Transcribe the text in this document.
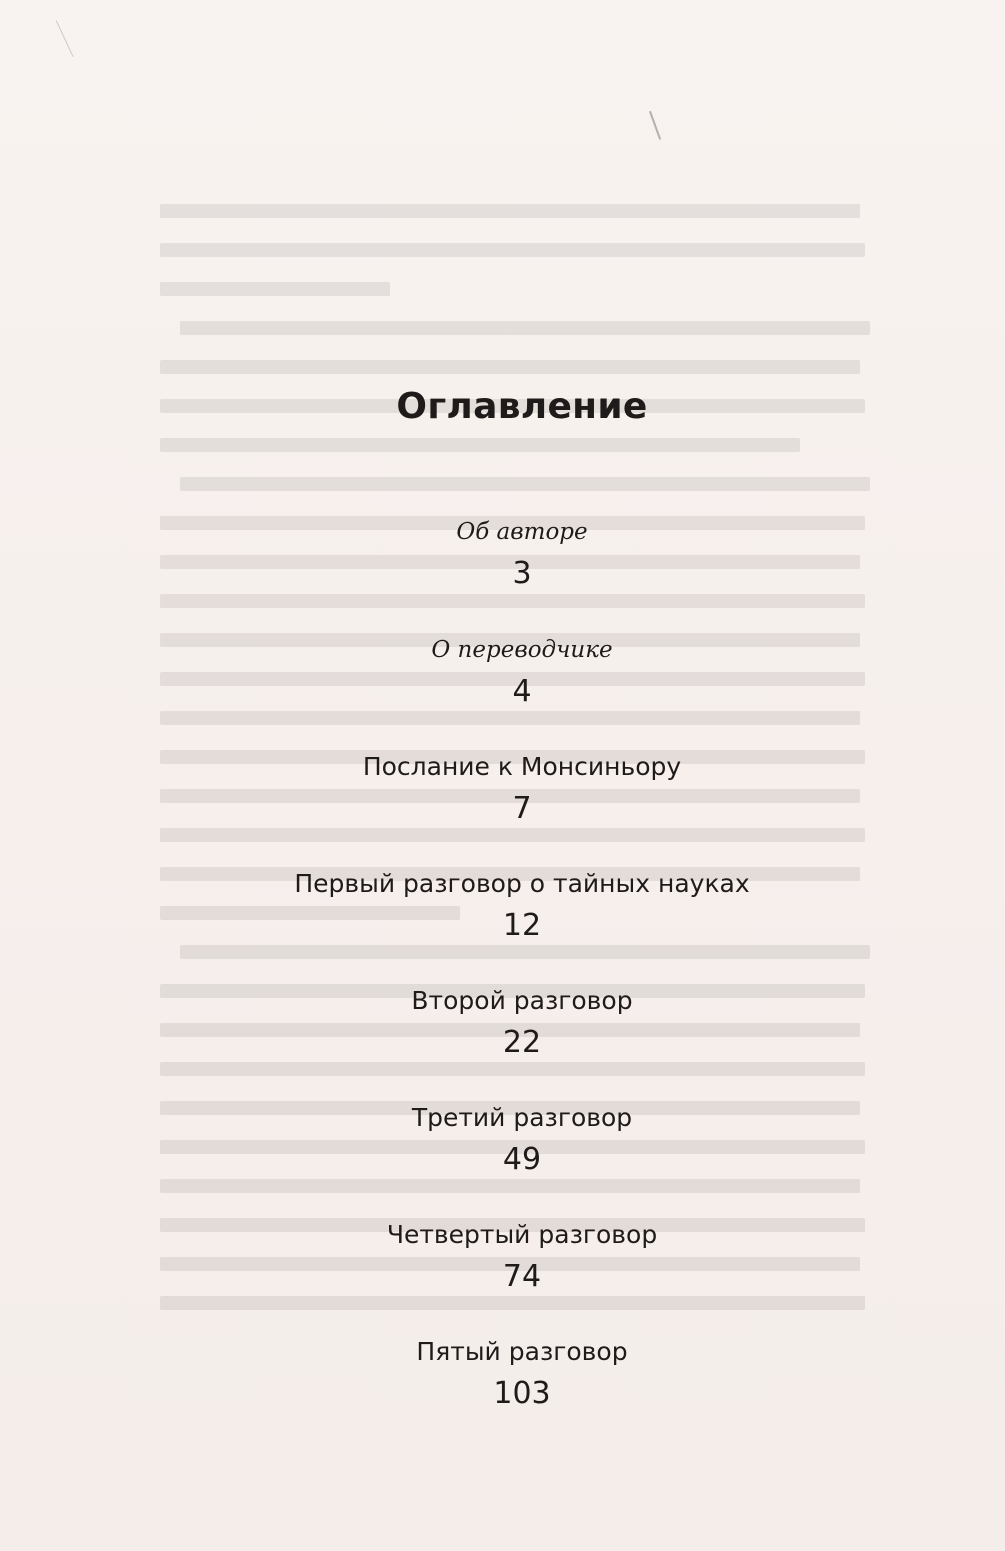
Оглавление
Об авторе
3
О переводчике
4
Послание к Монсиньору
7
Первый разговор о тайных науках
12
Второй разговор
22
Третий разговор
49
Четвертый разговор
74
Пятый разговор
103
